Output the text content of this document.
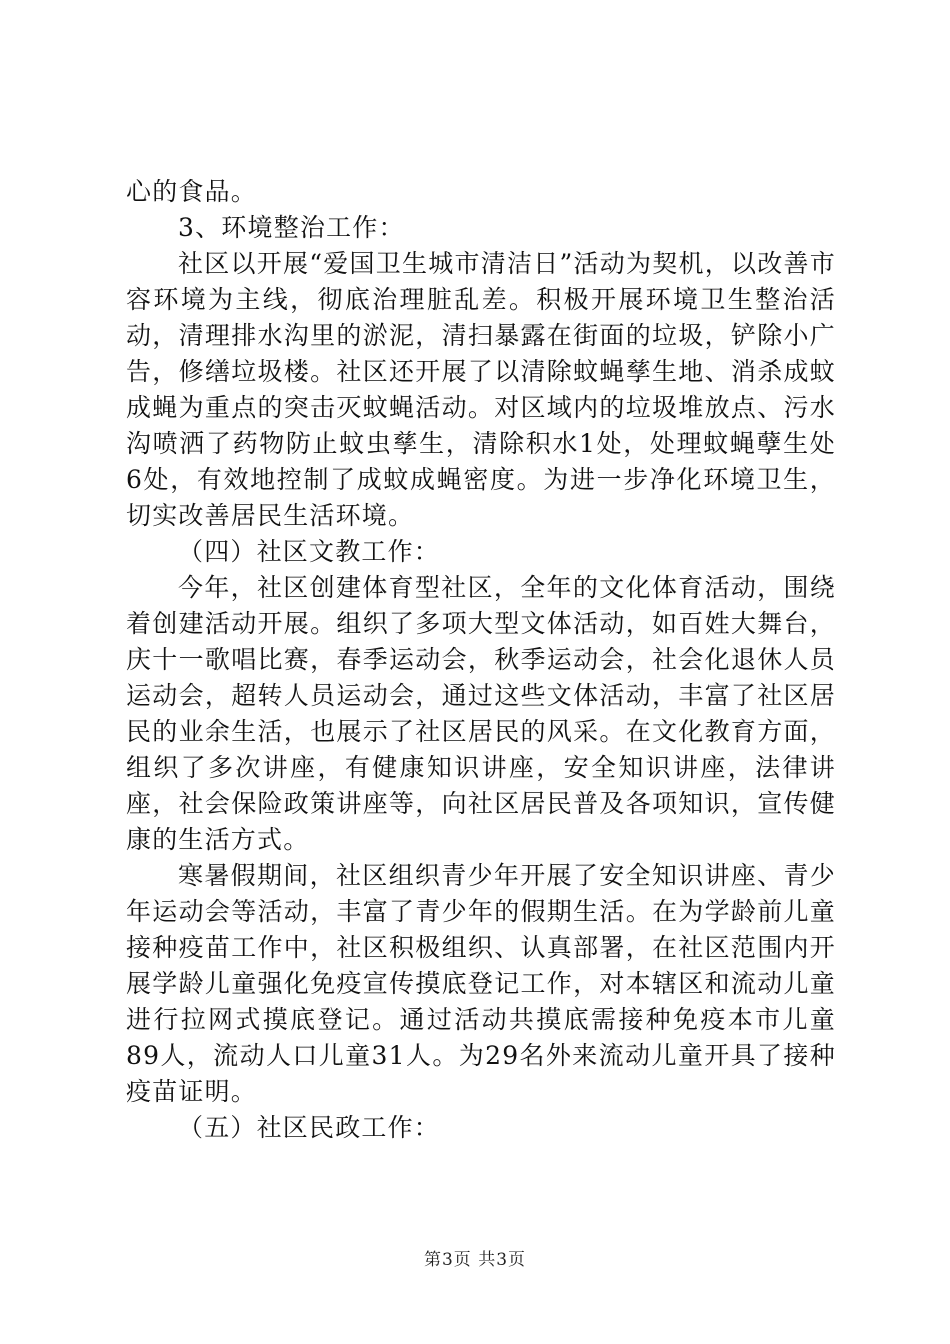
心的食品。

3、环境整治工作：

社区以开展“爱国卫生城市清洁日”活动为契机，以改善市容环境为主线，彻底治理脏乱差。积极开展环境卫生整治活动，清理排水沟里的淤泥，清扫暴露在街面的垃圾，铲除小广告，修缮垃圾楼。社区还开展了以清除蚊蝇孳生地、消杀成蚊成蝇为重点的突击灭蚊蝇活动。对区域内的垃圾堆放点、污水沟喷洒了药物防止蚊虫孳生，清除积水1处，处理蚊蝇孽生处6处，有效地控制了成蚊成蝇密度。为进一步净化环境卫生，切实改善居民生活环境。

（四）社区文教工作：

今年，社区创建体育型社区，全年的文化体育活动，围绕着创建活动开展。组织了多项大型文体活动，如百姓大舞台，庆十一歌唱比赛，春季运动会，秋季运动会，社会化退休人员运动会，超转人员运动会，通过这些文体活动，丰富了社区居民的业余生活，也展示了社区居民的风采。在文化教育方面，组织了多次讲座，有健康知识讲座，安全知识讲座，法律讲座，社会保险政策讲座等，向社区居民普及各项知识，宣传健康的生活方式。

寒暑假期间，社区组织青少年开展了安全知识讲座、青少年运动会等活动，丰富了青少年的假期生活。在为学龄前儿童接种疫苗工作中，社区积极组织、认真部署，在社区范围内开展学龄儿童强化免疫宣传摸底登记工作，对本辖区和流动儿童进行拉网式摸底登记。通过活动共摸底需接种免疫本市儿童89人，流动人口儿童31人。为29名外来流动儿童开具了接种疫苗证明。

（五）社区民政工作：

第3页 共3页
